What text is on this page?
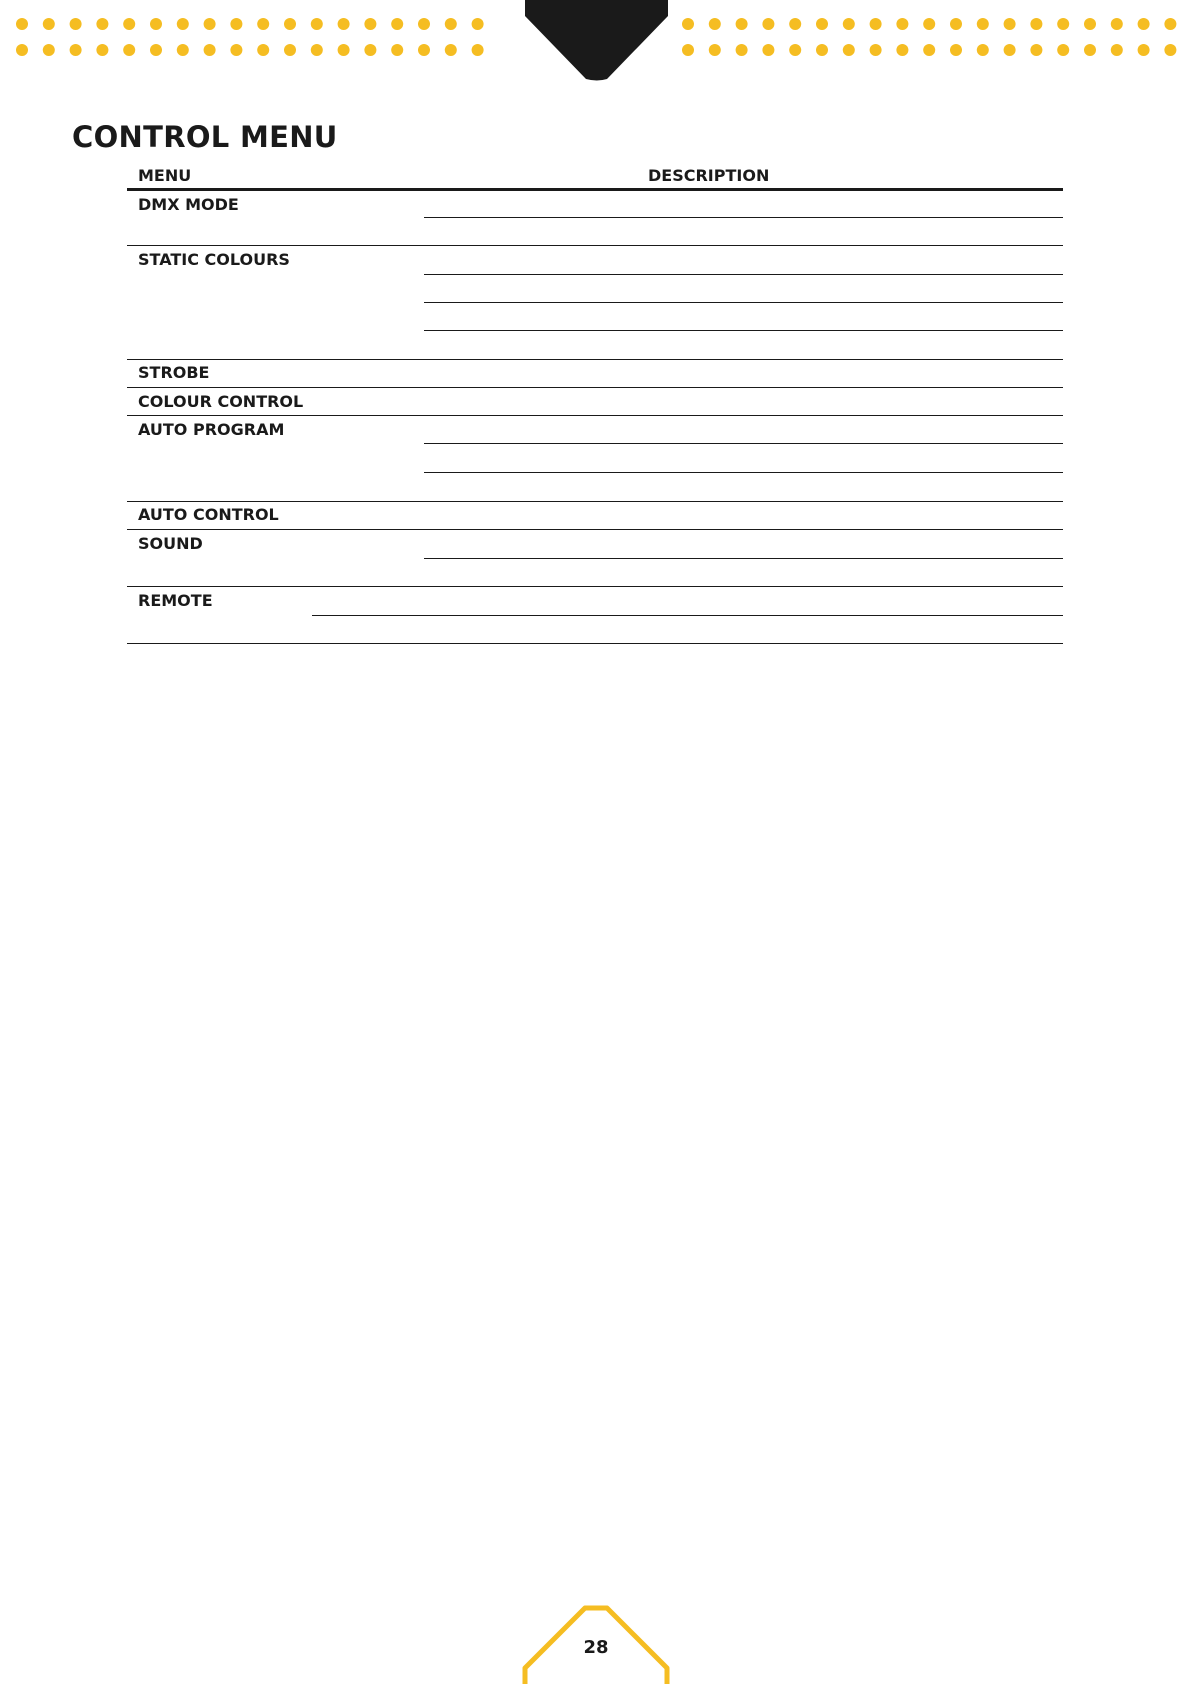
CONTROL MENU
MENU	DESCRIPTION
DMX MODE
STATIC COLOURS
STROBE
COLOUR CONTROL
AUTO PROGRAM
AUTO CONTROL
SOUND
REMOTE
28
